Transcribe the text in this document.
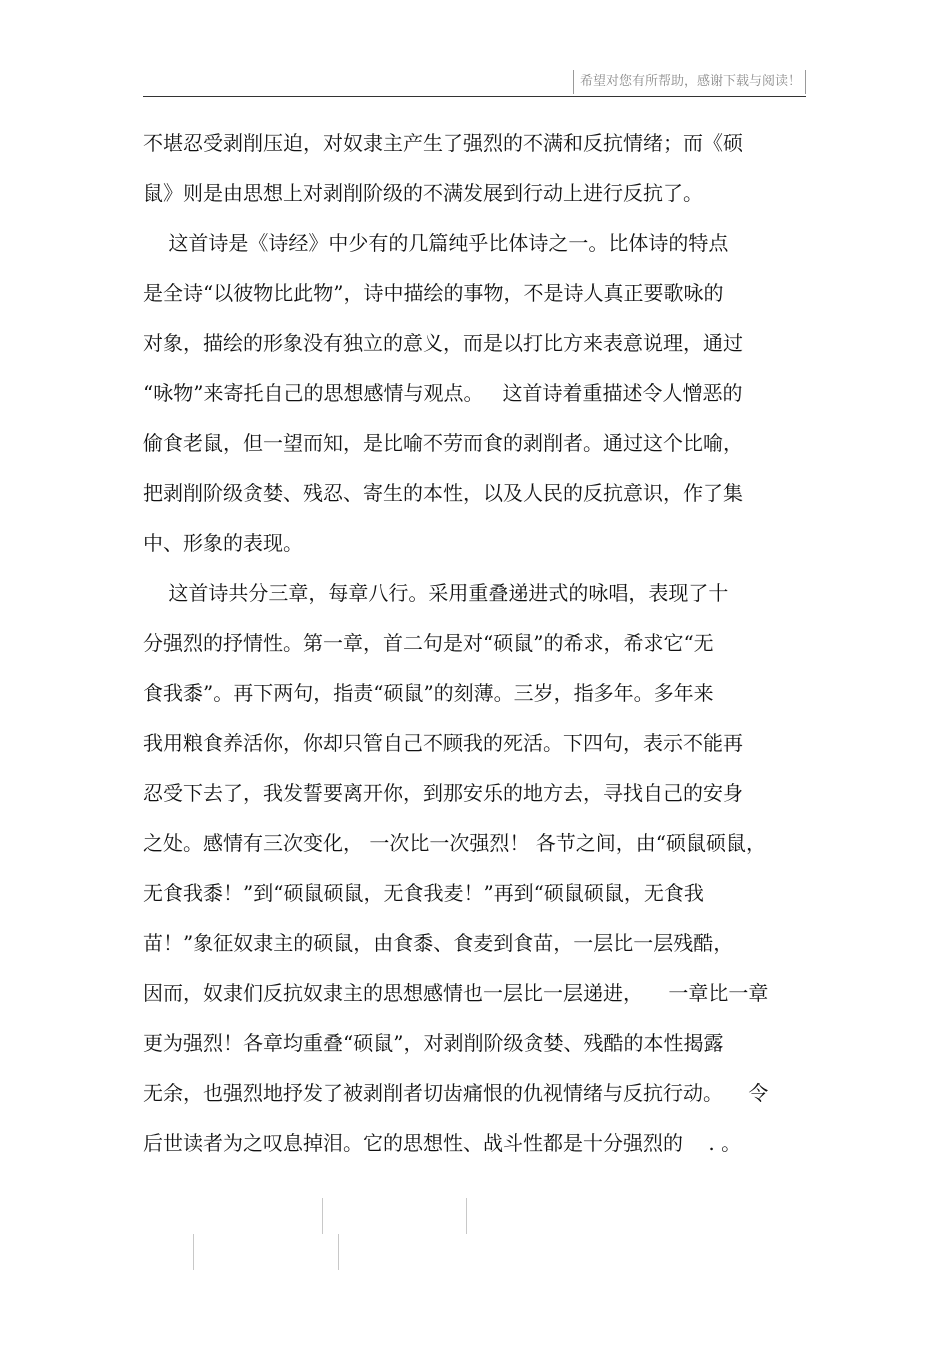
希望对您有所帮助，感谢下载与阅读！

不堪忍受剥削压迫，对奴隶主产生了强烈的不满和反抗情绪；而《硕

鼠》则是由思想上对剥削阶级的不满发展到行动上进行反抗了。

这首诗是《诗经》中少有的几篇纯乎比体诗之一。比体诗的特点

是全诗“以彼物比此物”，诗中描绘的事物，不是诗人真正要歌咏的

对象，描绘的形象没有独立的意义，而是以打比方来表意说理，通过

“咏物”来寄托自己的思想感情与观点。   这首诗着重描述令人憎恶的

偷食老鼠，但一望而知，是比喻不劳而食的剥削者。通过这个比喻，

把剥削阶级贪婪、残忍、寄生的本性，以及人民的反抗意识，作了集

中、形象的表现。

这首诗共分三章，每章八行。采用重叠递进式的咏唱，表现了十

分强烈的抒情性。第一章，首二句是对“硕鼠”的希求，希求它“无

食我黍”。再下两句，指责“硕鼠”的刻薄。三岁，指多年。多年来

我用粮食养活你，你却只管自己不顾我的死活。下四句，表示不能再

忍受下去了，我发誓要离开你，到那安乐的地方去，寻找自己的安身

之处。感情有三次变化， 一次比一次强烈！ 各节之间，由“硕鼠硕鼠，

无食我黍！”到“硕鼠硕鼠，无食我麦！”再到“硕鼠硕鼠，无食我

苗！”象征奴隶主的硕鼠，由食黍、食麦到食苗，一层比一层残酷，

因而，奴隶们反抗奴隶主的思想感情也一层比一层递进，    一章比一章

更为强烈！各章均重叠“硕鼠”，对剥削阶级贪婪、残酷的本性揭露

无余，也强烈地抒发了被剥削者切齿痛恨的仇视情绪与反抗行动。    令

后世读者为之叹息掉泪。它的思想性、战斗性都是十分强烈的    . 。
